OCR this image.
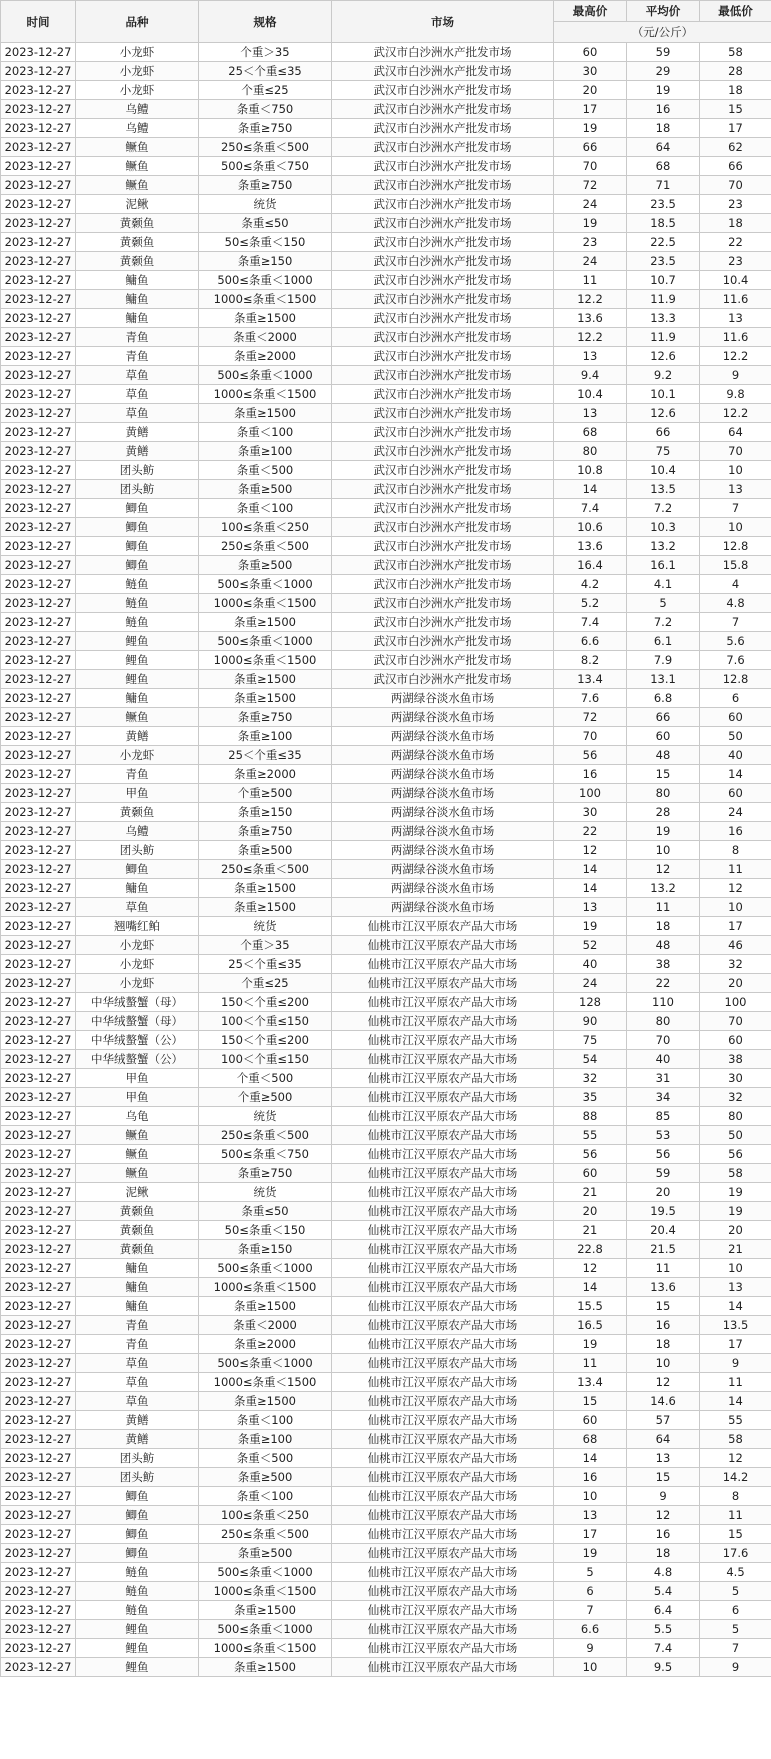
时间	品种	规格	市场	最高价	平均价	最低价
				（元/公斤）		
2023-12-27	小龙虾	个重＞35	武汉市白沙洲水产批发市场	60	59	58
2023-12-27	小龙虾	25＜个重≤35	武汉市白沙洲水产批发市场	30	29	28
2023-12-27	小龙虾	个重≤25	武汉市白沙洲水产批发市场	20	19	18
2023-12-27	乌鳢	条重＜750	武汉市白沙洲水产批发市场	17	16	15
2023-12-27	乌鳢	条重≥750	武汉市白沙洲水产批发市场	19	18	17
2023-12-27	鳜鱼	250≤条重＜500	武汉市白沙洲水产批发市场	66	64	62
2023-12-27	鳜鱼	500≤条重＜750	武汉市白沙洲水产批发市场	70	68	66
2023-12-27	鳜鱼	条重≥750	武汉市白沙洲水产批发市场	72	71	70
2023-12-27	泥鳅	统货	武汉市白沙洲水产批发市场	24	23.5	23
2023-12-27	黄颡鱼	条重≤50	武汉市白沙洲水产批发市场	19	18.5	18
2023-12-27	黄颡鱼	50≤条重＜150	武汉市白沙洲水产批发市场	23	22.5	22
2023-12-27	黄颡鱼	条重≥150	武汉市白沙洲水产批发市场	24	23.5	23
2023-12-27	鳙鱼	500≤条重＜1000	武汉市白沙洲水产批发市场	11	10.7	10.4
2023-12-27	鳙鱼	1000≤条重＜1500	武汉市白沙洲水产批发市场	12.2	11.9	11.6
2023-12-27	鳙鱼	条重≥1500	武汉市白沙洲水产批发市场	13.6	13.3	13
2023-12-27	青鱼	条重＜2000	武汉市白沙洲水产批发市场	12.2	11.9	11.6
2023-12-27	青鱼	条重≥2000	武汉市白沙洲水产批发市场	13	12.6	12.2
2023-12-27	草鱼	500≤条重＜1000	武汉市白沙洲水产批发市场	9.4	9.2	9
2023-12-27	草鱼	1000≤条重＜1500	武汉市白沙洲水产批发市场	10.4	10.1	9.8
2023-12-27	草鱼	条重≥1500	武汉市白沙洲水产批发市场	13	12.6	12.2
2023-12-27	黄鳝	条重＜100	武汉市白沙洲水产批发市场	68	66	64
2023-12-27	黄鳝	条重≥100	武汉市白沙洲水产批发市场	80	75	70
2023-12-27	团头鲂	条重＜500	武汉市白沙洲水产批发市场	10.8	10.4	10
2023-12-27	团头鲂	条重≥500	武汉市白沙洲水产批发市场	14	13.5	13
2023-12-27	鲫鱼	条重＜100	武汉市白沙洲水产批发市场	7.4	7.2	7
2023-12-27	鲫鱼	100≤条重＜250	武汉市白沙洲水产批发市场	10.6	10.3	10
2023-12-27	鲫鱼	250≤条重＜500	武汉市白沙洲水产批发市场	13.6	13.2	12.8
2023-12-27	鲫鱼	条重≥500	武汉市白沙洲水产批发市场	16.4	16.1	15.8
2023-12-27	鲢鱼	500≤条重＜1000	武汉市白沙洲水产批发市场	4.2	4.1	4
2023-12-27	鲢鱼	1000≤条重＜1500	武汉市白沙洲水产批发市场	5.2	5	4.8
2023-12-27	鲢鱼	条重≥1500	武汉市白沙洲水产批发市场	7.4	7.2	7
2023-12-27	鲤鱼	500≤条重＜1000	武汉市白沙洲水产批发市场	6.6	6.1	5.6
2023-12-27	鲤鱼	1000≤条重＜1500	武汉市白沙洲水产批发市场	8.2	7.9	7.6
2023-12-27	鲤鱼	条重≥1500	武汉市白沙洲水产批发市场	13.4	13.1	12.8
2023-12-27	鳙鱼	条重≥1500	两湖绿谷淡水鱼市场	7.6	6.8	6
2023-12-27	鳜鱼	条重≥750	两湖绿谷淡水鱼市场	72	66	60
2023-12-27	黄鳝	条重≥100	两湖绿谷淡水鱼市场	70	60	50
2023-12-27	小龙虾	25＜个重≤35	两湖绿谷淡水鱼市场	56	48	40
2023-12-27	青鱼	条重≥2000	两湖绿谷淡水鱼市场	16	15	14
2023-12-27	甲鱼	个重≥500	两湖绿谷淡水鱼市场	100	80	60
2023-12-27	黄颡鱼	条重≥150	两湖绿谷淡水鱼市场	30	28	24
2023-12-27	乌鳢	条重≥750	两湖绿谷淡水鱼市场	22	19	16
2023-12-27	团头鲂	条重≥500	两湖绿谷淡水鱼市场	12	10	8
2023-12-27	鲫鱼	250≤条重＜500	两湖绿谷淡水鱼市场	14	12	11
2023-12-27	鳙鱼	条重≥1500	两湖绿谷淡水鱼市场	14	13.2	12
2023-12-27	草鱼	条重≥1500	两湖绿谷淡水鱼市场	13	11	10
2023-12-27	翘嘴红鲌	统货	仙桃市江汉平原农产品大市场	19	18	17
2023-12-27	小龙虾	个重＞35	仙桃市江汉平原农产品大市场	52	48	46
2023-12-27	小龙虾	25＜个重≤35	仙桃市江汉平原农产品大市场	40	38	32
2023-12-27	小龙虾	个重≤25	仙桃市江汉平原农产品大市场	24	22	20
2023-12-27	中华绒螯蟹（母）	150＜个重≤200	仙桃市江汉平原农产品大市场	128	110	100
2023-12-27	中华绒螯蟹（母）	100＜个重≤150	仙桃市江汉平原农产品大市场	90	80	70
2023-12-27	中华绒螯蟹（公）	150＜个重≤200	仙桃市江汉平原农产品大市场	75	70	60
2023-12-27	中华绒螯蟹（公）	100＜个重≤150	仙桃市江汉平原农产品大市场	54	40	38
2023-12-27	甲鱼	个重＜500	仙桃市江汉平原农产品大市场	32	31	30
2023-12-27	甲鱼	个重≥500	仙桃市江汉平原农产品大市场	35	34	32
2023-12-27	乌龟	统货	仙桃市江汉平原农产品大市场	88	85	80
2023-12-27	鳜鱼	250≤条重＜500	仙桃市江汉平原农产品大市场	55	53	50
2023-12-27	鳜鱼	500≤条重＜750	仙桃市江汉平原农产品大市场	56	56	56
2023-12-27	鳜鱼	条重≥750	仙桃市江汉平原农产品大市场	60	59	58
2023-12-27	泥鳅	统货	仙桃市江汉平原农产品大市场	21	20	19
2023-12-27	黄颡鱼	条重≤50	仙桃市江汉平原农产品大市场	20	19.5	19
2023-12-27	黄颡鱼	50≤条重＜150	仙桃市江汉平原农产品大市场	21	20.4	20
2023-12-27	黄颡鱼	条重≥150	仙桃市江汉平原农产品大市场	22.8	21.5	21
2023-12-27	鳙鱼	500≤条重＜1000	仙桃市江汉平原农产品大市场	12	11	10
2023-12-27	鳙鱼	1000≤条重＜1500	仙桃市江汉平原农产品大市场	14	13.6	13
2023-12-27	鳙鱼	条重≥1500	仙桃市江汉平原农产品大市场	15.5	15	14
2023-12-27	青鱼	条重＜2000	仙桃市江汉平原农产品大市场	16.5	16	13.5
2023-12-27	青鱼	条重≥2000	仙桃市江汉平原农产品大市场	19	18	17
2023-12-27	草鱼	500≤条重＜1000	仙桃市江汉平原农产品大市场	11	10	9
2023-12-27	草鱼	1000≤条重＜1500	仙桃市江汉平原农产品大市场	13.4	12	11
2023-12-27	草鱼	条重≥1500	仙桃市江汉平原农产品大市场	15	14.6	14
2023-12-27	黄鳝	条重＜100	仙桃市江汉平原农产品大市场	60	57	55
2023-12-27	黄鳝	条重≥100	仙桃市江汉平原农产品大市场	68	64	58
2023-12-27	团头鲂	条重＜500	仙桃市江汉平原农产品大市场	14	13	12
2023-12-27	团头鲂	条重≥500	仙桃市江汉平原农产品大市场	16	15	14.2
2023-12-27	鲫鱼	条重＜100	仙桃市江汉平原农产品大市场	10	9	8
2023-12-27	鲫鱼	100≤条重＜250	仙桃市江汉平原农产品大市场	13	12	11
2023-12-27	鲫鱼	250≤条重＜500	仙桃市江汉平原农产品大市场	17	16	15
2023-12-27	鲫鱼	条重≥500	仙桃市江汉平原农产品大市场	19	18	17.6
2023-12-27	鲢鱼	500≤条重＜1000	仙桃市江汉平原农产品大市场	5	4.8	4.5
2023-12-27	鲢鱼	1000≤条重＜1500	仙桃市江汉平原农产品大市场	6	5.4	5
2023-12-27	鲢鱼	条重≥1500	仙桃市江汉平原农产品大市场	7	6.4	6
2023-12-27	鲤鱼	500≤条重＜1000	仙桃市江汉平原农产品大市场	6.6	5.5	5
2023-12-27	鲤鱼	1000≤条重＜1500	仙桃市江汉平原农产品大市场	9	7.4	7
2023-12-27	鲤鱼	条重≥1500	仙桃市江汉平原农产品大市场	10	9.5	9
